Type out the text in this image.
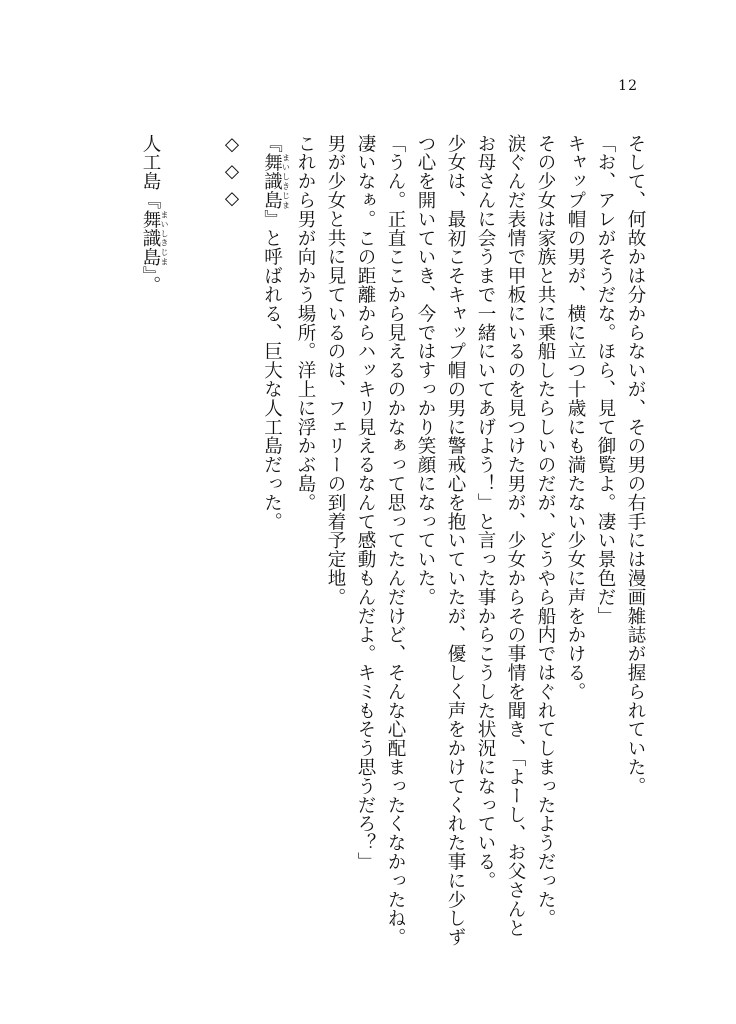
12

そして、何故かは分からないが、その男の右手には漫画雑誌が握られていた。

「お、アレがそうだな。ほら、見て御覧よ。凄い景色だ」

キャップ帽の男が、横に立つ十歳にも満たない少女に声をかける。

その少女は家族と共に乗船したらしいのだが、どうやら船内ではぐれてしまったようだった。

涙ぐんだ表情で甲板にいるのを見つけた男が、少女からその事情を聞き、「よーし、お父さんとお母さんに会うまで一緒にいてあげよう！」と言った事からこうした状況になっている。

少女は、最初こそキャップ帽の男に警戒心を抱いていたが、優しく声をかけてくれた事に少しずつ心を開いていき、今ではすっかり笑顔になっていた。

「うん。正直ここから見えるのかなぁって思ってたんだけど、そんな心配まったくなかったね。凄いなぁ。この距離からハッキリ見えるなんて感動もんだよ。キミもそう思うだろ？」

男が少女と共に見ているのは、フェリーの到着予定地。

これから男が向かう場所。洋上に浮かぶ島。

『舞識島 まいしきじま』と呼ばれる、巨大な人工島だった。

◇ ◇ ◇

人工島『舞識島 まいしきじま』。
